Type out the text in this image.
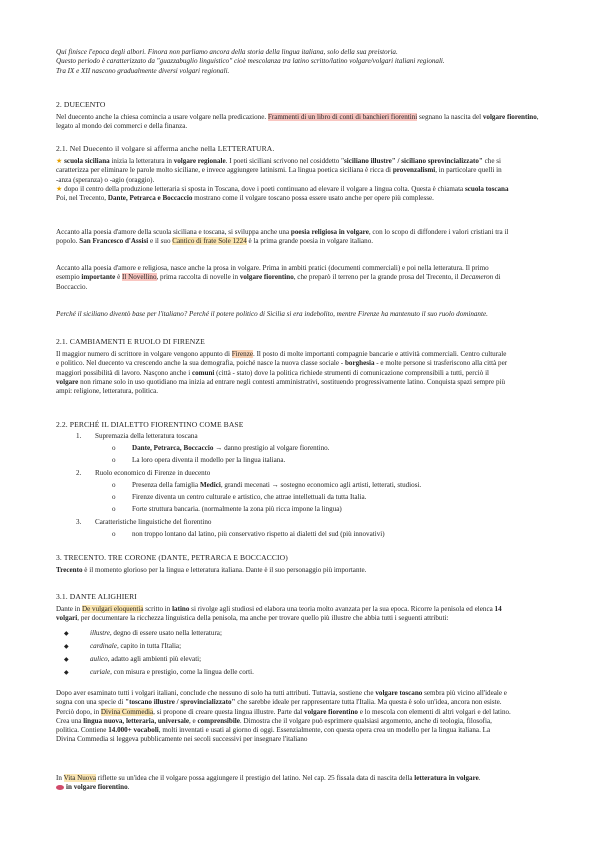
Qui finisce l'epoca degli albori. Finora non parliamo ancora della storia della lingua italiana, solo della sua preistoria.
Questo periodo è caratterizzato da "guazzabuglio linguistico" cioè mescolanza tra latino scritto/latino volgare/volgari italiani regionali.
Tra IX e XII nascono gradualmente diversi volgari regionali.
2. DUECENTO
Nel duecento anche la chiesa comincia a usare volgare nella predicazione. Frammenti di un libro di conti di banchieri fiorentini segnano la nascita del volgare fiorentino, legato al mondo dei commerci e della finanza.
2.1. Nel Duecento il volgare si afferma anche nella LETTERATURA.
★ scuola siciliana inizia la letteratura in volgare regionale. I poeti siciliani scrivono nel cosiddetto "siciliano illustre" / siciliano sprovincializzato" che si
caratterizza per eliminare le parole molto siciliane, e invece aggiungere latinismi. La lingua poetica siciliana è ricca di provenzalismi, in particolare quelli in
-anza (speranza) o -agio (oraggio).
★ dopo il centro della produzione letteraria si sposta in Toscana, dove i poeti continuano ad elevare il volgare a lingua colta. Questa è chiamata scuola toscana
Poi, nel Trecento, Dante, Petrarca e Boccaccio mostrano come il volgare toscano possa essere usato anche per opere più complesse.
Accanto alla poesia d'amore della scuola siciliana e toscana, si sviluppa anche una poesia religiosa in volgare, con lo scopo di diffondere i valori cristiani tra il
popolo. San Francesco d'Assisi e il suo Cantico di frate Sole 1224 è la prima grande poesia in volgare italiano.
Accanto alla poesia d'amore e religiosa, nasce anche la prosa in volgare. Prima in ambiti pratici (documenti commerciali) e poi nella letteratura. Il primo
esempio importante è Il Novellino, prima raccolta di novelle in volgare fiorentino, che preparò il terreno per la grande prosa del Trecento, il Decameron di
Boccaccio.
Perché il siciliano diventò base per l'italiano? Perché il potere politico di Sicilia si era indebolito, mentre Firenze ha mantenuto il suo ruolo dominante.
2.1. CAMBIAMENTI E RUOLO DI FIRENZE
Il maggior numero di scrittore in volgare vengono appunto di Firenze. Il posto di molte importanti compagnie bancarie e attività commerciali. Centro culturale
e politico. Nel duecento va crescendo anche la sua demografia, poiché nasce la nuova classe sociale - borghesia - e molte persone si trasferiscono alla città per
maggiori possibilità di lavoro. Nasçono anche i comuni (città - stato) dove la politica richiede strumenti di comunicazione comprensibili a tutti, perciò il
volgare non rimane solo in uso quotidiano ma inizia ad entrare negli contesti amministrativi, sostituendo progressivamente latino. Conquista spazi sempre più
ampi: religione, letteratura, politica.
2.2. PERCHÉ IL DIALETTO FIORENTINO COME BASE
1. Supremazia della letteratura toscana
o Dante, Petrarca, Boccaccio → danno prestigio al volgare fiorentino.
o La loro opera diventa il modello per la lingua italiana.
2. Ruolo economico di Firenze in duecento
o Presenza della famiglia Medici, grandi mecenati → sostegno economico agli artisti, letterati, studiosi.
o Firenze diventa un centro culturale e artistico, che attrae intellettuali da tutta Italia.
o Forte struttura bancaria. (normalmente la zona più ricca impone la lingua)
3. Caratteristiche linguistiche del fiorentino
o non troppo lontano dal latino, più conservativo rispetto ai dialetti del sud (più innovativi)
3. TRECENTO. TRE CORONE (DANTE, PETRARCA E BOCCACCIO)
Trecento è il momento glorioso per la lingua e letteratura italiana. Dante è il suo personaggio più importante.
3.1. DANTE ALIGHIERI
Dante in De vulgari eloquentia scritto in latino si rivolge agli studiosi ed elabora una teoria molto avanzata per la sua epoca. Ricorre la penisola ed elenca 14
volgari, per documentare la ricchezza linguistica della penisola, ma anche per trovare quello più illustre che abbia tutti i seguenti attributi:
◆	illustre, degno di essere usato nella letteratura;
◆	cardinale, capito in tutta l'Italia;
◆	aulico, adatto agli ambienti più elevati;
◆	curiale, con misura e prestigio, come la lingua delle corti.
Dopo aver esaminato tutti i volgari italiani, conclude che nessuno di solo ha tutti attributi. Tuttavia, sostiene che volgare toscano sembra più vicino all'ideale e
sogna con una specie di "toscano illustre / sprovincializzato" che sarebbe ideale per rappresentare tutta l'Italia. Ma questa è solo un'idea, ancora non esiste.
Perciò dopo, in Divina Commedia, si propone di creare questa lingua illustre. Parte dal volgare fiorentino e lo mescola con elementi di altri volgari e del latino.
Crea una lingua nuova, letteraria, universale, e comprensibile. Dimostra che il volgare può esprimere qualsiasi argomento, anche di teologia, filosofia,
politica. Contiene 14.000+ vocaboli, molti inventati e usati al giorno di oggi. Essenzialmente, con questa opera crea un modello per la lingua italiana. La
Divina Commedia si leggeva pubblicamente nei secoli successivi per insegnare l'italiano
In Vita Nuova riflette su un'idea che il volgare possa aggiungere il prestigio del latino. Nel cap. 25 fissala data di nascita della letteratura in volgare.
in volgare fiorentino.
